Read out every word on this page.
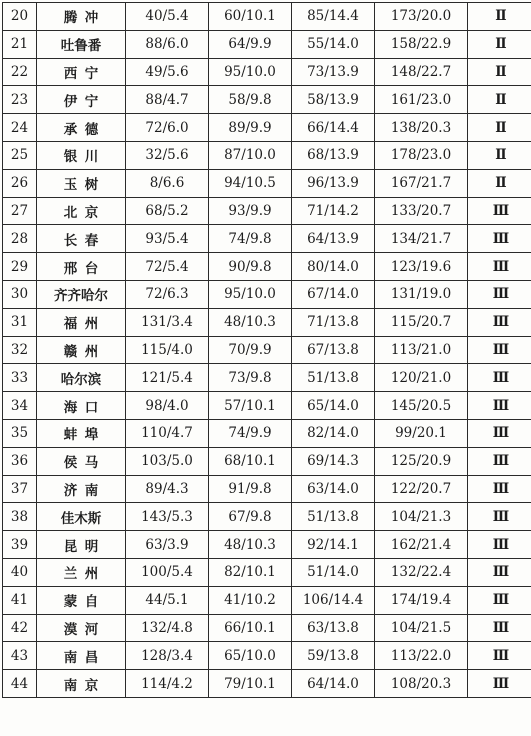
20	腾冲	40/5.4	60/10.1	85/14.4	173/20.0	Ⅱ
21	吐鲁番	88/6.0	64/9.9	55/14.0	158/22.9	Ⅱ
22	西宁	49/5.6	95/10.0	73/13.9	148/22.7	Ⅱ
23	伊宁	88/4.7	58/9.8	58/13.9	161/23.0	Ⅱ
24	承德	72/6.0	89/9.9	66/14.4	138/20.3	Ⅱ
25	银川	32/5.6	87/10.0	68/13.9	178/23.0	Ⅱ
26	玉树	8/6.6	94/10.5	96/13.9	167/21.7	Ⅱ
27	北京	68/5.2	93/9.9	71/14.2	133/20.7	Ⅲ
28	长春	93/5.4	74/9.8	64/13.9	134/21.7	Ⅲ
29	邢台	72/5.4	90/9.8	80/14.0	123/19.6	Ⅲ
30	齐齐哈尔	72/6.3	95/10.0	67/14.0	131/19.0	Ⅲ
31	福州	131/3.4	48/10.3	71/13.8	115/20.7	Ⅲ
32	赣州	115/4.0	70/9.9	67/13.8	113/21.0	Ⅲ
33	哈尔滨	121/5.4	73/9.8	51/13.8	120/21.0	Ⅲ
34	海口	98/4.0	57/10.1	65/14.0	145/20.5	Ⅲ
35	蚌埠	110/4.7	74/9.9	82/14.0	99/20.1	Ⅲ
36	侯马	103/5.0	68/10.1	69/14.3	125/20.9	Ⅲ
37	济南	89/4.3	91/9.8	63/14.0	122/20.7	Ⅲ
38	佳木斯	143/5.3	67/9.8	51/13.8	104/21.3	Ⅲ
39	昆明	63/3.9	48/10.3	92/14.1	162/21.4	Ⅲ
40	兰州	100/5.4	82/10.1	51/14.0	132/22.4	Ⅲ
41	蒙自	44/5.1	41/10.2	106/14.4	174/19.4	Ⅲ
42	漠河	132/4.8	66/10.1	63/13.8	104/21.5	Ⅲ
43	南昌	128/3.4	65/10.0	59/13.8	113/22.0	Ⅲ
44	南京	114/4.2	79/10.1	64/14.0	108/20.3	Ⅲ
